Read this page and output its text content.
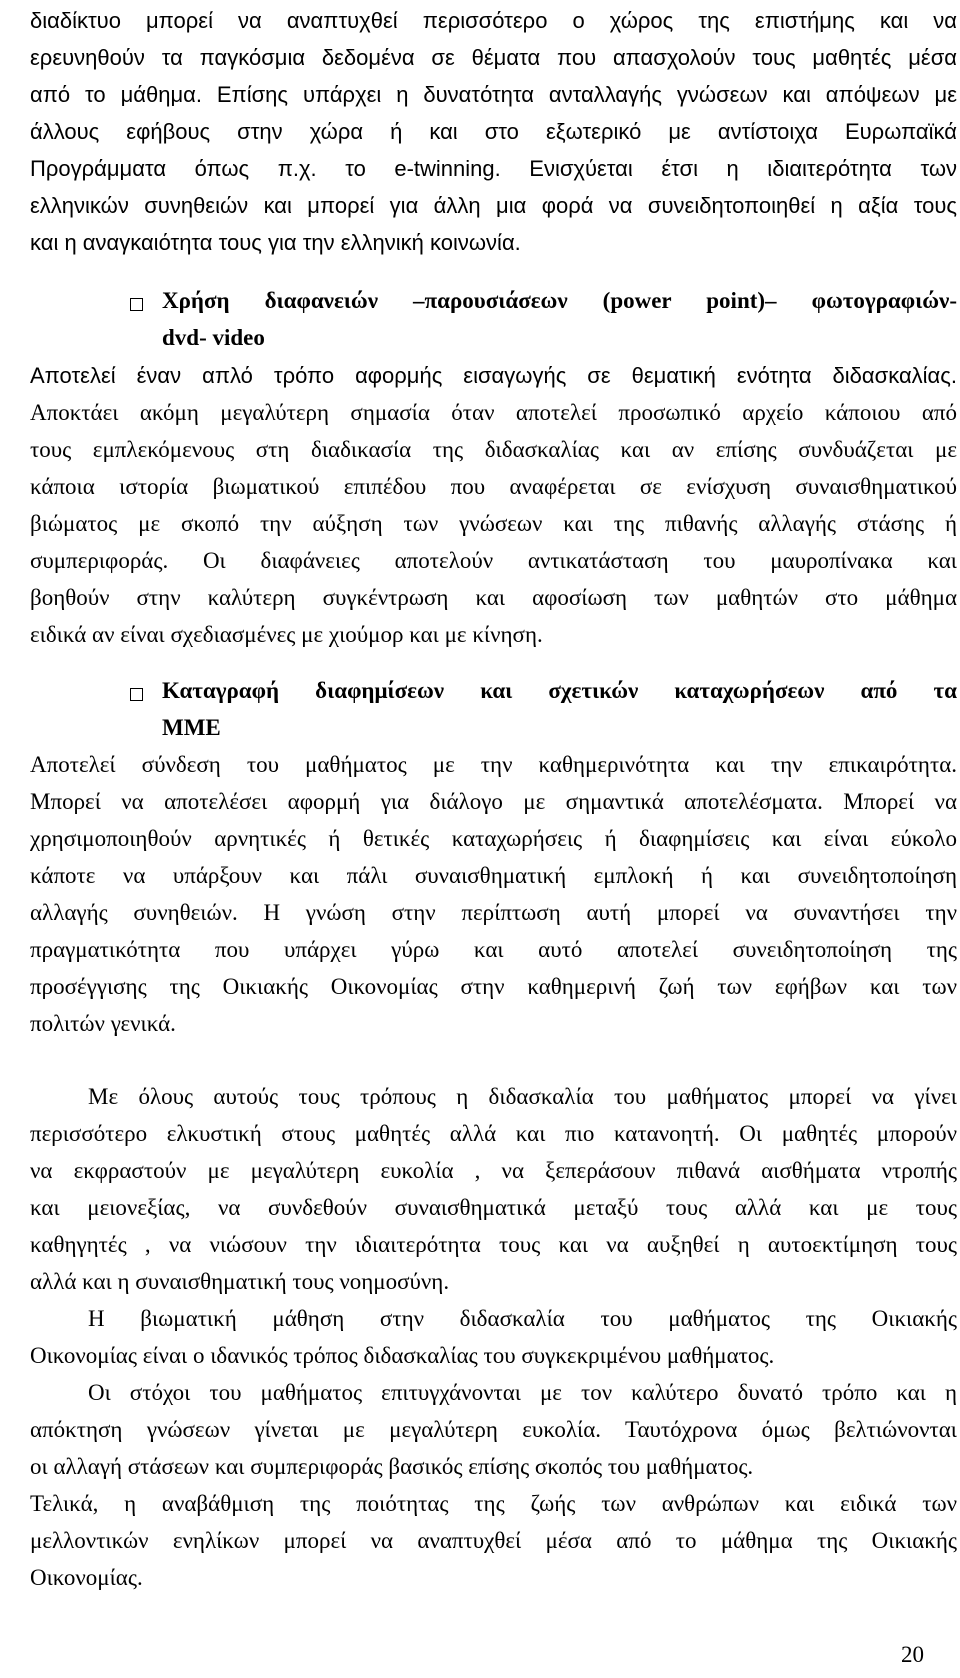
διαδίκτυο μπορεί να αναπτυχθεί περισσότερο ο χώρος της επιστήμης και να
ερευνηθούν τα παγκόσμια δεδομένα σε θέματα που απασχολούν τους μαθητές μέσα
από το μάθημα. Επίσης υπάρχει η δυνατότητα ανταλλαγής γνώσεων και απόψεων με
άλλους εφήβους στην χώρα ή και στο εξωτερικό με αντίστοιχα Ευρωπαϊκά
Προγράμματα όπως π.χ. το e-twinning. Ενισχύεται έτσι η ιδιαιτερότητα των
ελληνικών συνηθειών και μπορεί για άλλη μια φορά να συνειδητοποιηθεί η αξία τους
και η αναγκαιότητα τους για την ελληνική κοινωνία.
Χρήση διαφανειών –παρουσιάσεων (power point)– φωτογραφιών-
dvd- video
Αποτελεί έναν απλό τρόπο αφορμής εισαγωγής σε θεματική ενότητα διδασκαλίας.
Αποκτάει ακόμη μεγαλύτερη σημασία όταν αποτελεί προσωπικό αρχείο κάποιου από
τους εμπλεκόμενους στη διαδικασία της διδασκαλίας και αν επίσης συνδυάζεται με
κάποια ιστορία βιωματικού επιπέδου που αναφέρεται σε ενίσχυση συναισθηματικού
βιώματος με σκοπό την αύξηση των γνώσεων και της πιθανής αλλαγής στάσης ή
συμπεριφοράς. Οι διαφάνειες αποτελούν αντικατάσταση του μαυροπίνακα και
βοηθούν στην καλύτερη συγκέντρωση και αφοσίωση των μαθητών στο μάθημα
ειδικά αν είναι σχεδιασμένες με χιούμορ και με κίνηση.
Καταγραφή διαφημίσεων και σχετικών καταχωρήσεων από τα
ΜΜΕ
Αποτελεί σύνδεση του μαθήματος με την καθημερινότητα και την επικαιρότητα.
Μπορεί να αποτελέσει αφορμή για διάλογο με σημαντικά αποτελέσματα. Μπορεί να
χρησιμοποιηθούν αρνητικές ή θετικές καταχωρήσεις ή διαφημίσεις και είναι εύκολο
κάποτε να υπάρξουν και πάλι συναισθηματική εμπλοκή ή και συνειδητοποίηση
αλλαγής συνηθειών. Η γνώση στην περίπτωση αυτή μπορεί να συναντήσει την
πραγματικότητα που υπάρχει γύρω και αυτό αποτελεί συνειδητοποίηση της
προσέγγισης της Οικιακής Οικονομίας στην καθημερινή ζωή των εφήβων και των
πολιτών γενικά.
Με όλους αυτούς τους τρόπους η διδασκαλία του μαθήματος μπορεί να γίνει
περισσότερο ελκυστική στους μαθητές αλλά και πιο κατανοητή. Οι μαθητές μπορούν
να εκφραστούν με μεγαλύτερη ευκολία , να ξεπεράσουν πιθανά αισθήματα ντροπής
και μειονεξίας, να συνδεθούν συναισθηματικά μεταξύ τους αλλά και με τους
καθηγητές , να νιώσουν την ιδιαιτερότητα τους και να αυξηθεί η αυτοεκτίμηση τους
αλλά και η συναισθηματική τους νοημοσύνη.
Η βιωματική μάθηση στην διδασκαλία του μαθήματος της Οικιακής
Οικονομίας είναι ο ιδανικός τρόπος διδασκαλίας του συγκεκριμένου μαθήματος.
Οι στόχοι του μαθήματος επιτυγχάνονται με τον καλύτερο δυνατό τρόπο και η
απόκτηση γνώσεων γίνεται με μεγαλύτερη ευκολία. Ταυτόχρονα όμως βελτιώνονται
οι αλλαγή στάσεων και συμπεριφοράς βασικός επίσης σκοπός του μαθήματος.
Τελικά, η αναβάθμιση της ποιότητας της ζωής των ανθρώπων και ειδικά των
μελλοντικών ενηλίκων μπορεί να αναπτυχθεί μέσα από το μάθημα της Οικιακής
Οικονομίας.
20
